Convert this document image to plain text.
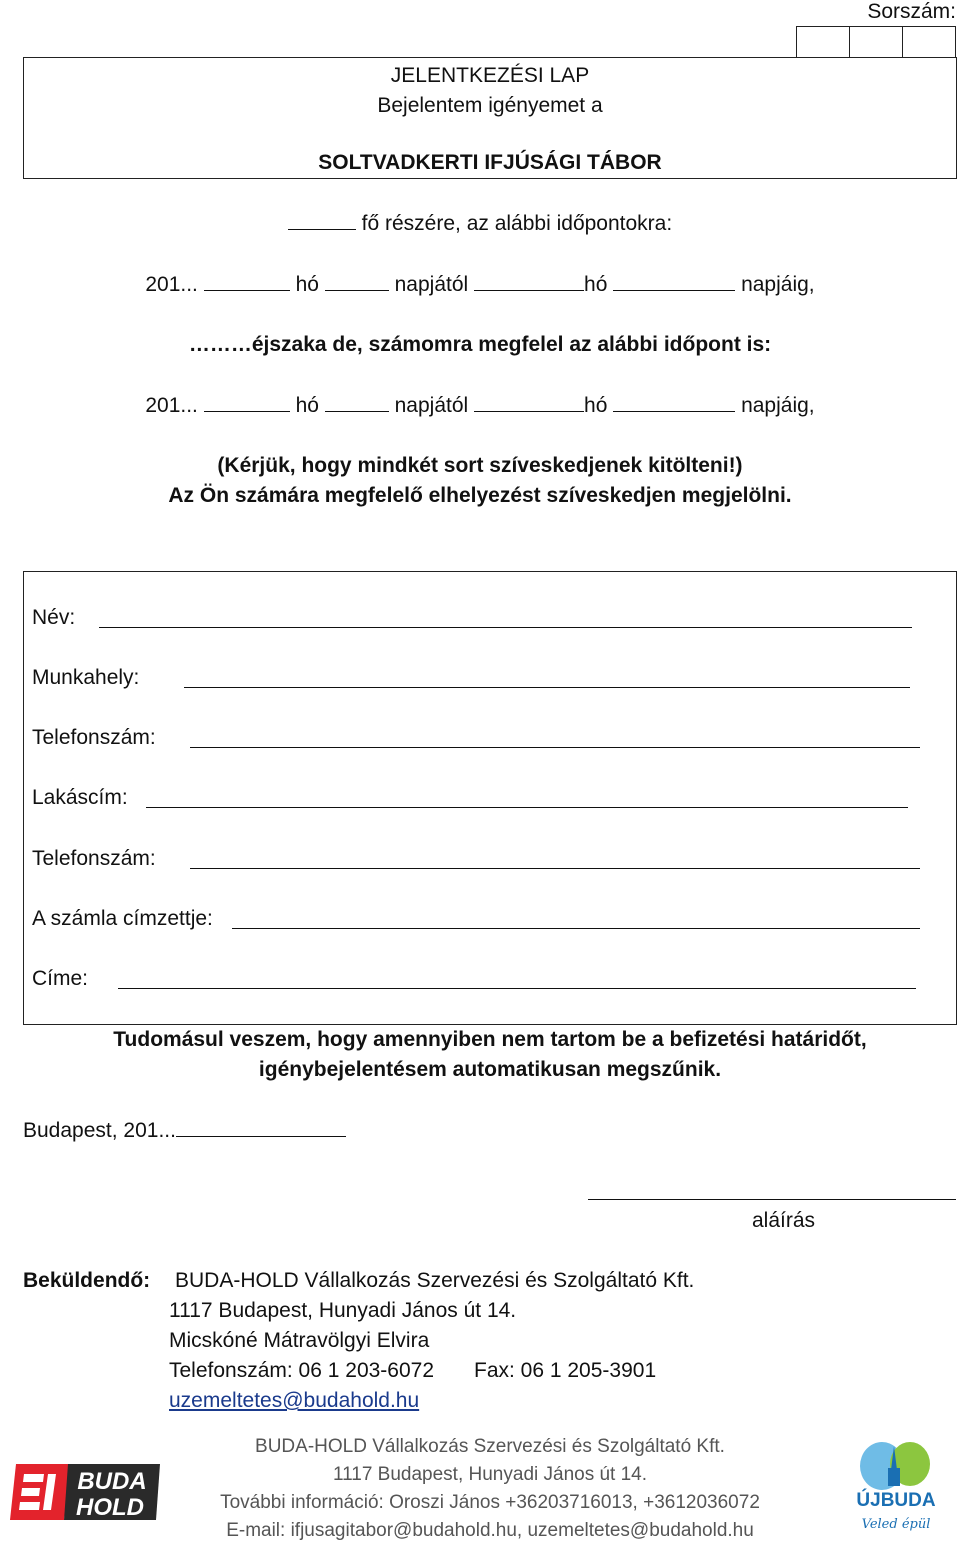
Sorszám:
JELENTKEZÉSI LAP
Bejelentem igényemet a
SOLTVADKERTI IFJÚSÁGI TÁBOR
fő részére, az alábbi időpontokra:
201...	hó	napjától	hó	napjáig,
………éjszaka de, számomra megfelel az alábbi időpont is:
201...	hó	napjától	hó	napjáig,
(Kérjük, hogy mindkét sort szíveskedjenek kitölteni!)
Az Ön számára megfelelő elhelyezést szíveskedjen megjelölni.
Név:
Munkahely:
Telefonszám:
Lakáscím:
Telefonszám:
A számla címzettje:
Címe:
Tudomásul veszem, hogy amennyiben nem tartom be a befizetési határidőt,
igénybejelentésem automatikusan megszűnik.
Budapest, 201...
aláírás
Beküldendő: BUDA-HOLD Vállalkozás Szervezési és Szolgáltató Kft.
1117 Budapest, Hunyadi János út 14.
Micskóné Mátravölgyi Elvira
Telefonszám: 06 1 203-6072 Fax: 06 1 205-3901
uzemeltetes@budahold.hu
BUDA-HOLD Vállalkozás Szervezési és Szolgáltató Kft.
1117 Budapest, Hunyadi János út 14.
További információ: Oroszi János +36203716013, +3612036072
E-mail: ifjusagitabor@budahold.hu, uzemeltetes@budahold.hu
BUDA
HOLD	ÚJBUDA
Veled épül
